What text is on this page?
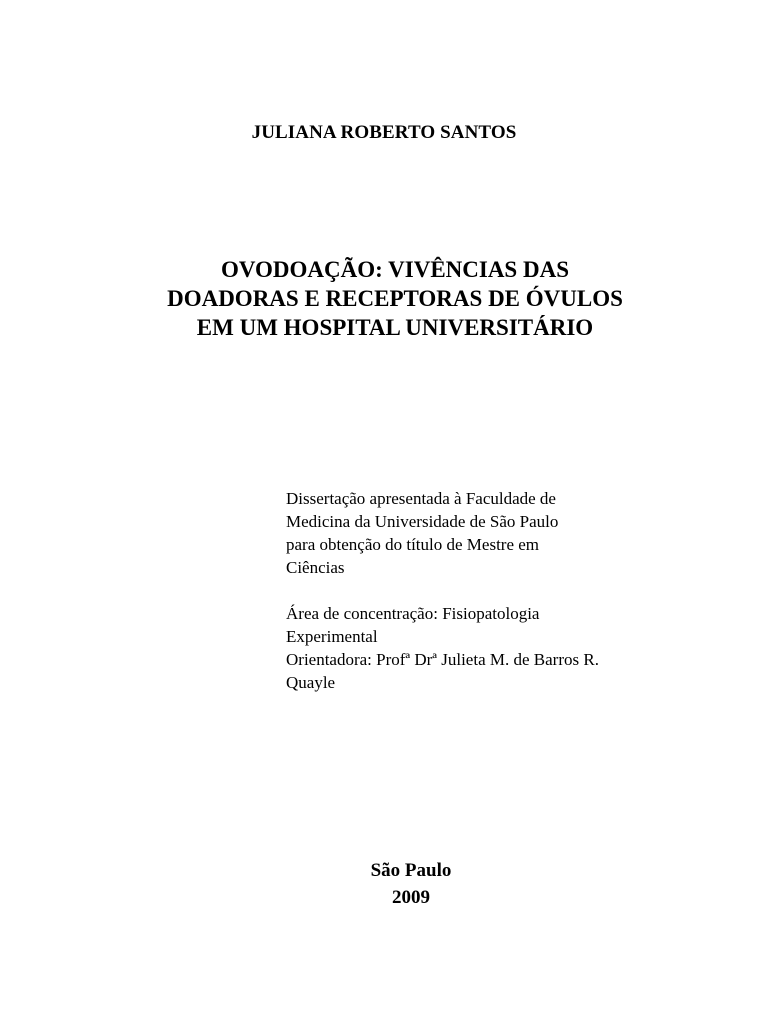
JULIANA ROBERTO SANTOS
OVODOAÇÃO: VIVÊNCIAS DAS
DOADORAS E RECEPTORAS DE ÓVULOS
EM UM HOSPITAL UNIVERSITÁRIO
Dissertação apresentada à Faculdade de
Medicina da Universidade de São Paulo
para obtenção do título de Mestre em
Ciências
Área de concentração: Fisiopatologia
Experimental
Orientadora: Profª Drª Julieta M. de Barros R.
Quayle
São Paulo
2009
